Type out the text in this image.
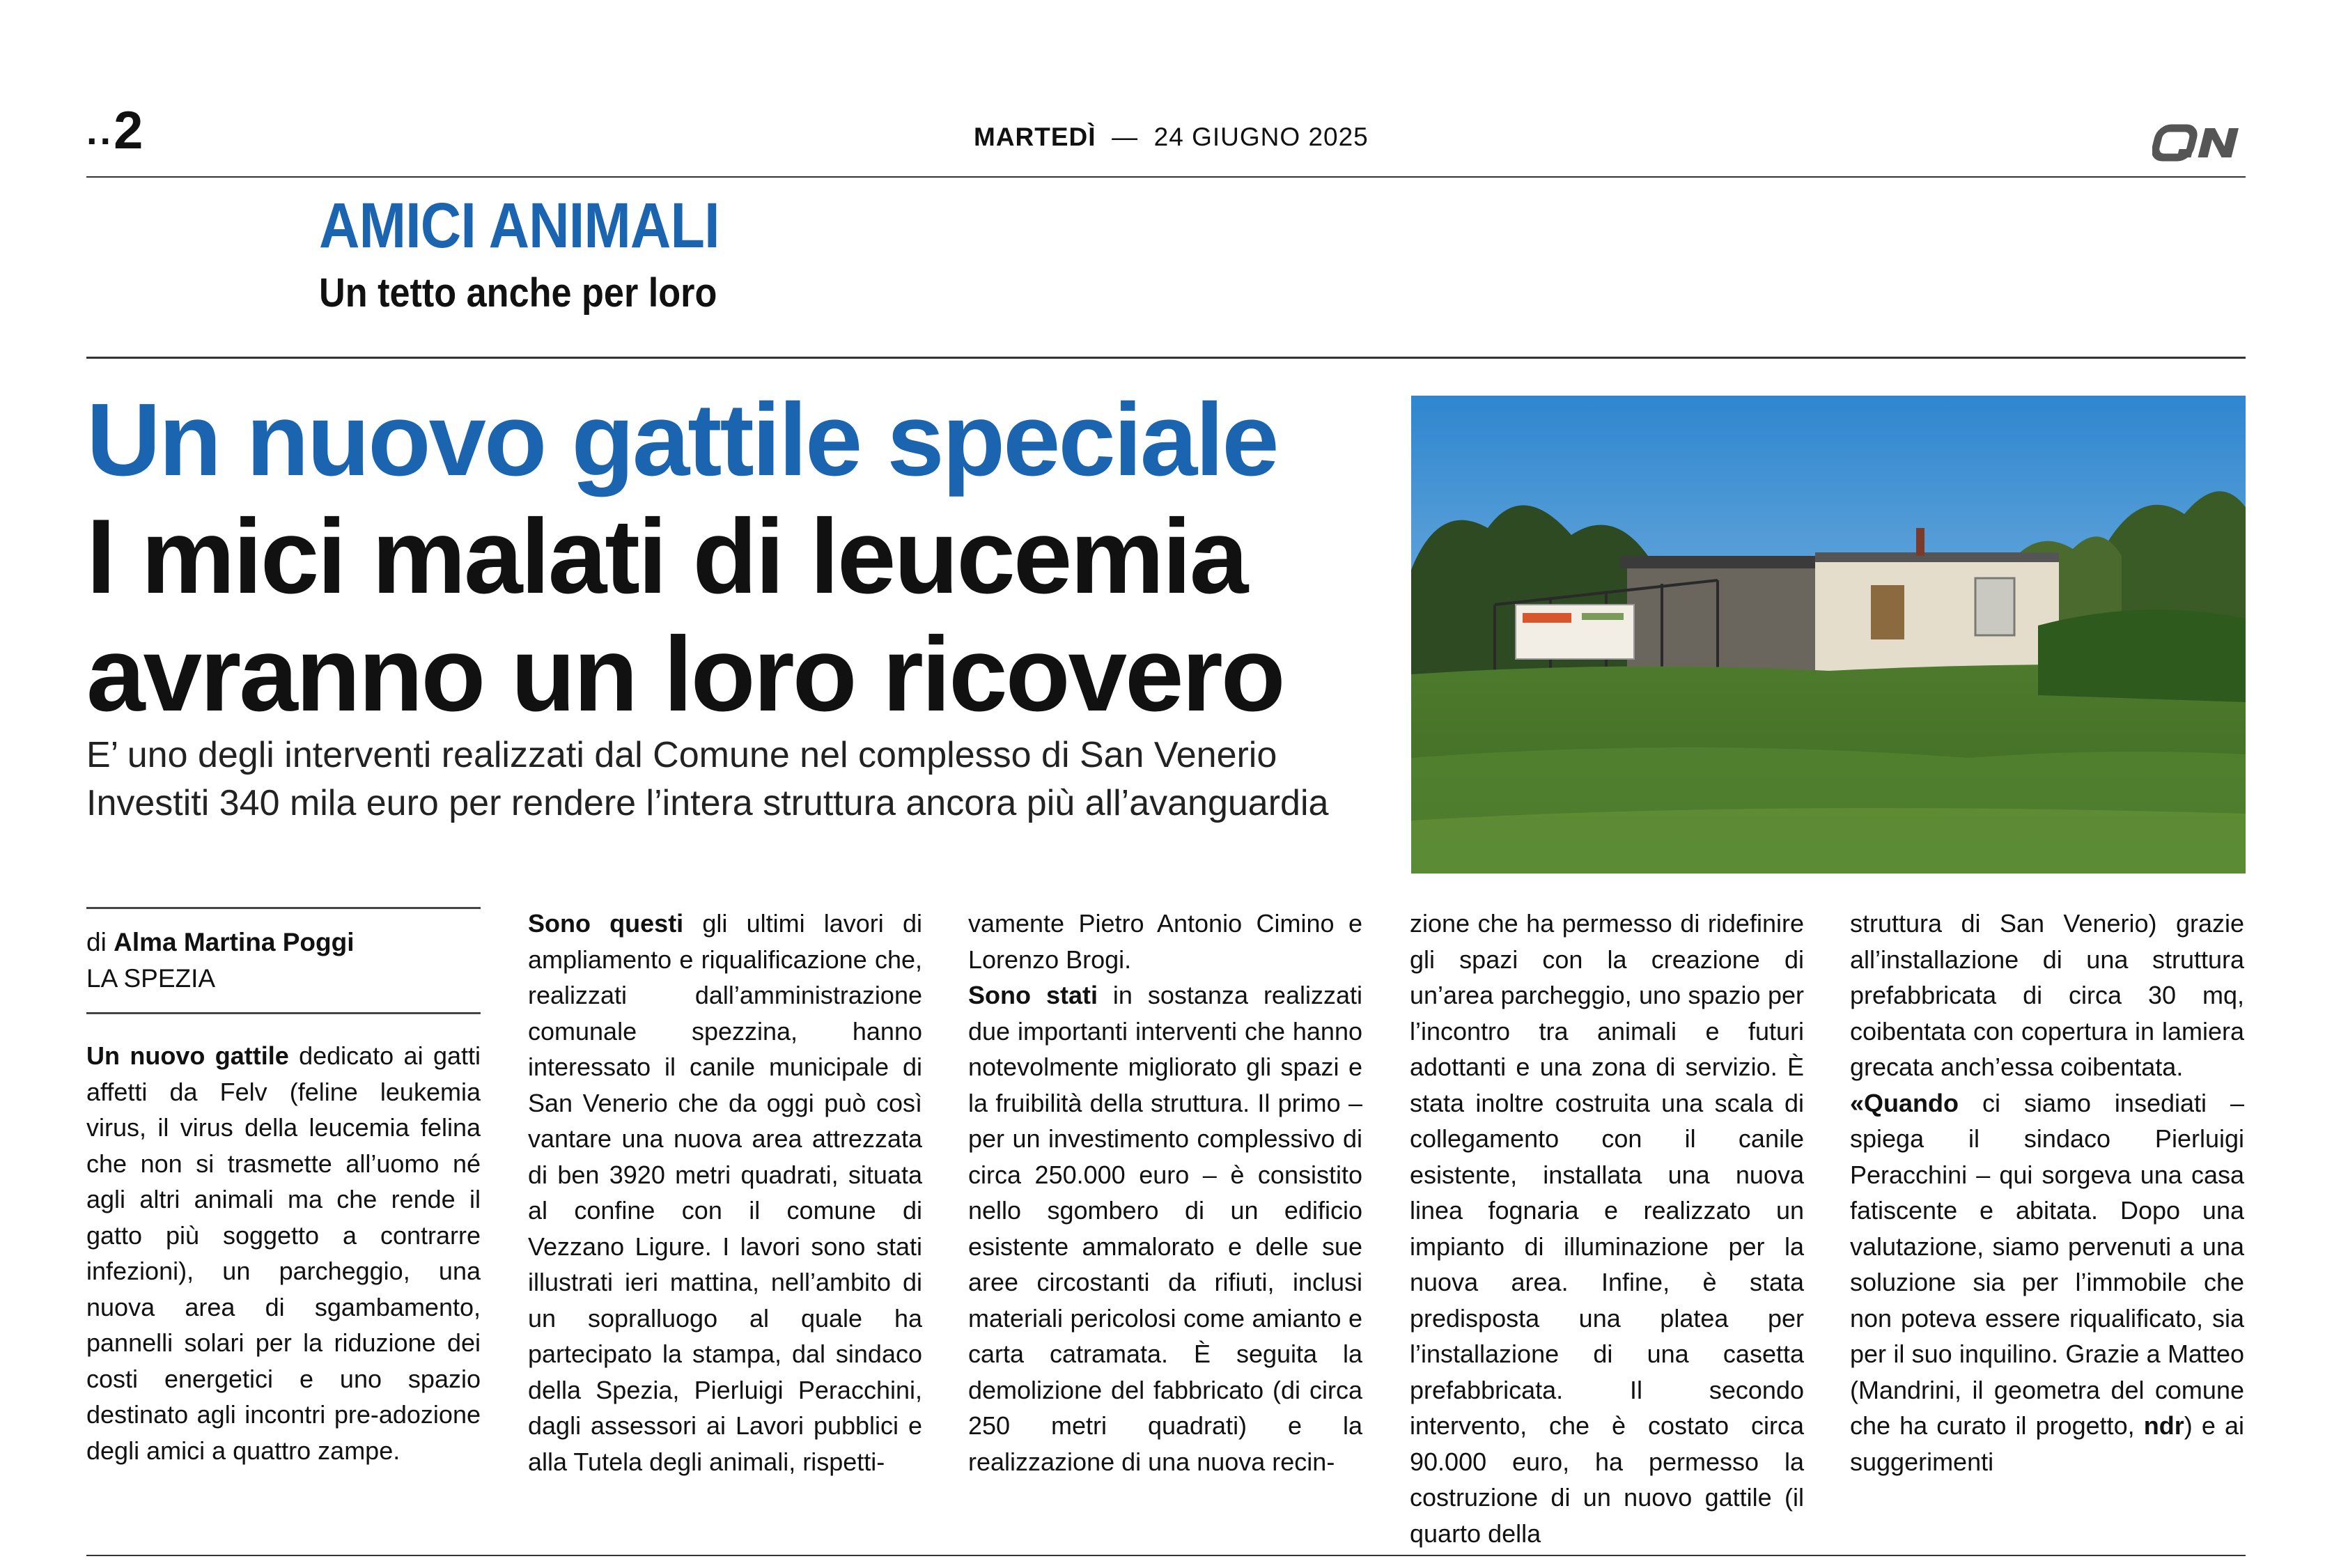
..2	MARTEDÌ — 24 GIUGNO 2025
AMICI ANIMALI
Un tetto anche per loro
Un nuovo gattile speciale
I mici malati di leucemia
avranno un loro ricovero
E’ uno degli interventi realizzati dal Comune nel complesso di San Venerio
Investiti 340 mila euro per rendere l’intera struttura ancora più all’avanguardia
di Alma Martina Poggi
LA SPEZIA

Un nuovo gattile dedicato ai gatti affetti da Felv (feline leukemia virus, il virus della leucemia felina che non si trasmette all’uomo né agli altri animali ma che rende il gatto più soggetto a contrarre infezioni), un parcheggio, una nuova area di sgambamento, pannelli solari per la riduzione dei costi energetici e uno spazio destinato agli incontri pre-adozione degli amici a quattro zampe.

Sono questi gli ultimi lavori di ampliamento e riqualificazione che, realizzati dall’amministrazione comunale spezzina, hanno interessato il canile municipale di San Venerio che da oggi può così vantare una nuova area attrezzata di ben 3920 metri quadrati, situata al confine con il comune di Vezzano Ligure. I lavori sono stati illustrati ieri mattina, nell’ambito di un sopralluogo al quale ha partecipato la stampa, dal sindaco della Spezia, Pierluigi Peracchini, dagli assessori ai Lavori pubblici e alla Tutela degli animali, rispetti-

vamente Pietro Antonio Cimino e Lorenzo Brogi.

Sono stati in sostanza realizzati due importanti interventi che hanno notevolmente migliorato gli spazi e la fruibilità della struttura. Il primo – per un investimento complessivo di circa 250.000 euro – è consistito nello sgombero di un edificio esistente ammalorato e delle sue aree circostanti da rifiuti, inclusi materiali pericolosi come amianto e carta catramata. È seguita la demolizione del fabbricato (di circa 250 metri quadrati) e la realizzazione di una nuova recin-

zione che ha permesso di ridefinire gli spazi con la creazione di un’area parcheggio, uno spazio per l’incontro tra animali e futuri adottanti e una zona di servizio. È stata inoltre costruita una scala di collegamento con il canile esistente, installata una nuova linea fognaria e realizzato un impianto di illuminazione per la nuova area. Infine, è stata predisposta una platea per l’installazione di una casetta prefabbricata. Il secondo intervento, che è costato circa 90.000 euro, ha permesso la costruzione di un nuovo gattile (il quarto della

struttura di San Venerio) grazie all’installazione di una struttura prefabbricata di circa 30 mq, coibentata con copertura in lamiera grecata anch’essa coibentata.

«Quando ci siamo insediati – spiega il sindaco Pierluigi Peracchini – qui sorgeva una casa fatiscente e abitata. Dopo una valutazione, siamo pervenuti a una soluzione sia per l’immobile che non poteva essere riqualificato, sia per il suo inquilino. Grazie a Matteo (Mandrini, il geometra del comune che ha curato il progetto, ndr) e ai suggerimenti
